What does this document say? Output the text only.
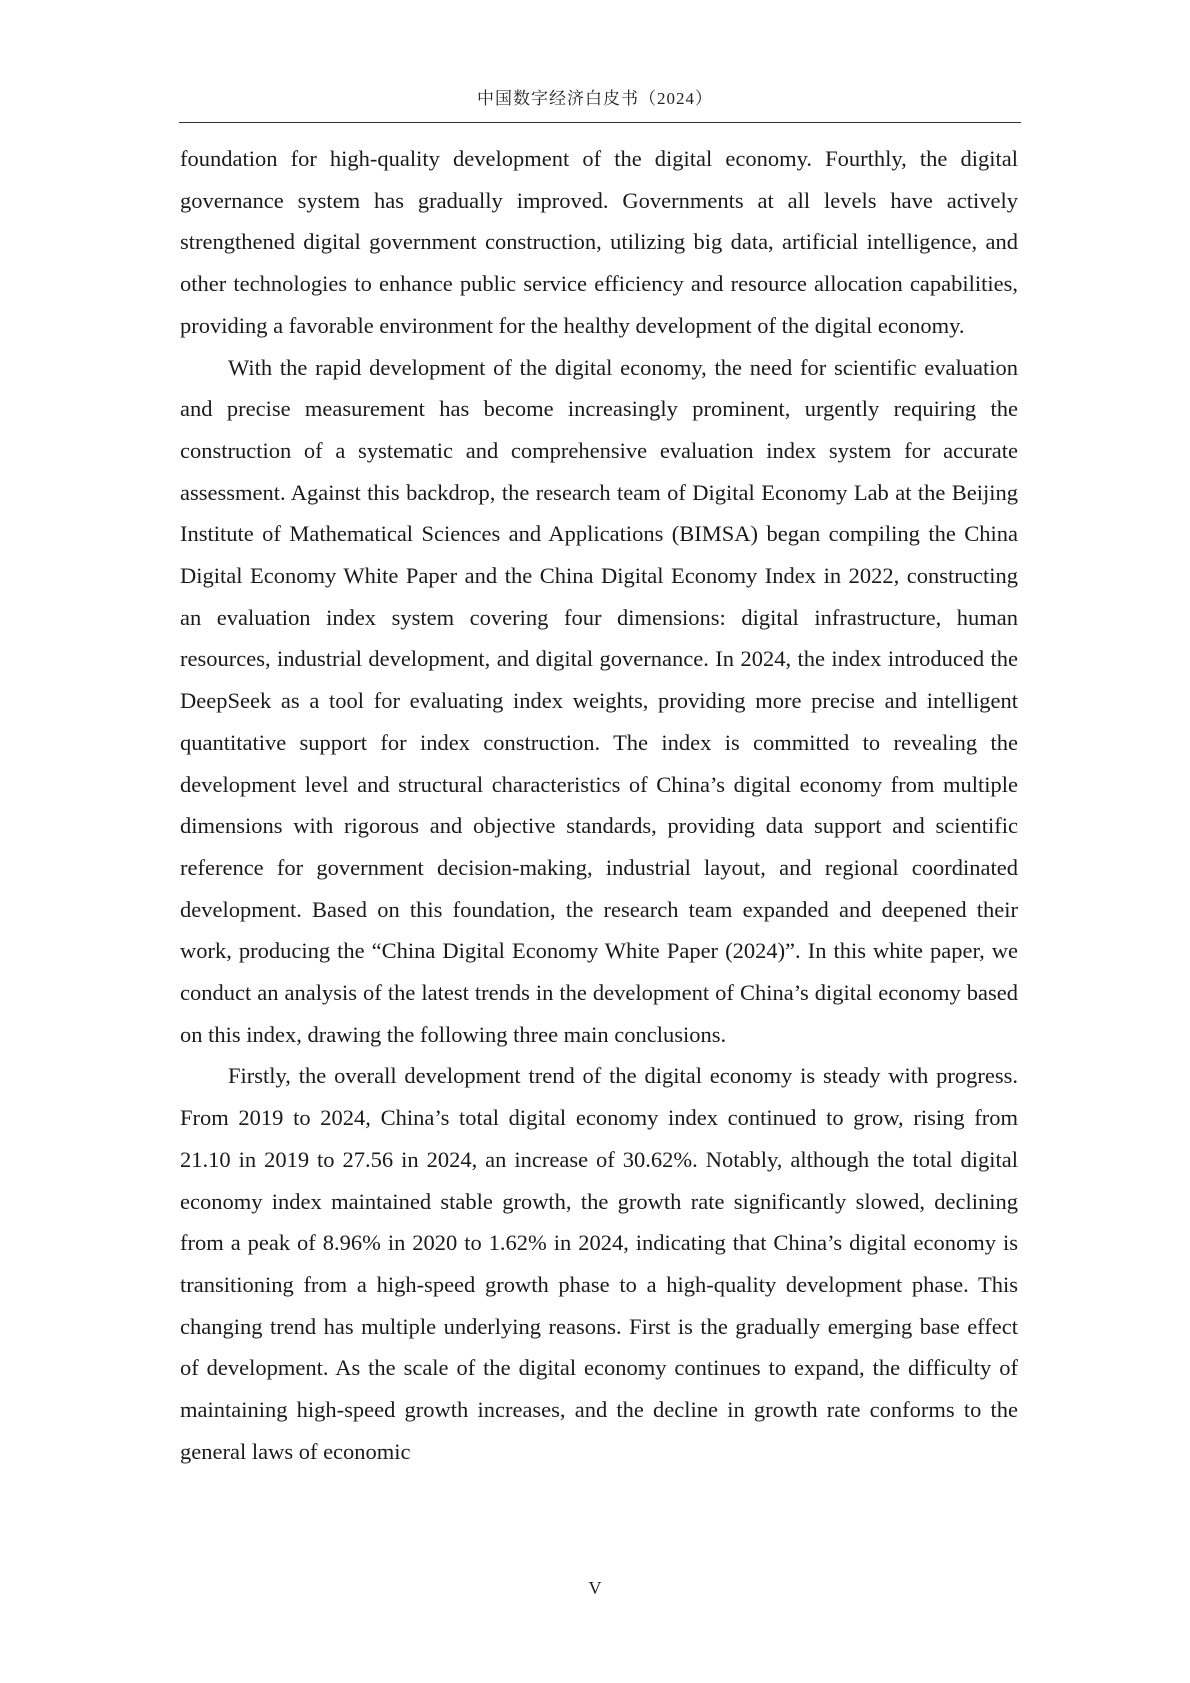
中国数字经济白皮书（2024）

foundation for high-quality development of the digital economy. Fourthly, the digital governance system has gradually improved. Governments at all levels have actively strengthened digital government construction, utilizing big data, artificial intelligence, and other technologies to enhance public service efficiency and resource allocation capabilities, providing a favorable environment for the healthy development of the digital economy.

With the rapid development of the digital economy, the need for scientific evaluation and precise measurement has become increasingly prominent, urgently requiring the construction of a systematic and comprehensive evaluation index system for accurate assessment. Against this backdrop, the research team of Digital Economy Lab at the Beijing Institute of Mathematical Sciences and Applications (BIMSA) began compiling the China Digital Economy White Paper and the China Digital Economy Index in 2022, constructing an evaluation index system covering four dimensions: digital infrastructure, human resources, industrial development, and digital governance. In 2024, the index introduced the DeepSeek as a tool for evaluating index weights, providing more precise and intelligent quantitative support for index construction. The index is committed to revealing the development level and structural characteristics of China’s digital economy from multiple dimensions with rigorous and objective standards, providing data support and scientific reference for government decision-making, industrial layout, and regional coordinated development. Based on this foundation, the research team expanded and deepened their work, producing the “China Digital Economy White Paper (2024)”. In this white paper, we conduct an analysis of the latest trends in the development of China’s digital economy based on this index, drawing the following three main conclusions.

Firstly, the overall development trend of the digital economy is steady with progress. From 2019 to 2024, China’s total digital economy index continued to grow, rising from 21.10 in 2019 to 27.56 in 2024, an increase of 30.62%. Notably, although the total digital economy index maintained stable growth, the growth rate significantly slowed, declining from a peak of 8.96% in 2020 to 1.62% in 2024, indicating that China’s digital economy is transitioning from a high-speed growth phase to a high-quality development phase. This changing trend has multiple underlying reasons. First is the gradually emerging base effect of development. As the scale of the digital economy continues to expand, the difficulty of maintaining high-speed growth increases, and the decline in growth rate conforms to the general laws of economic

V
